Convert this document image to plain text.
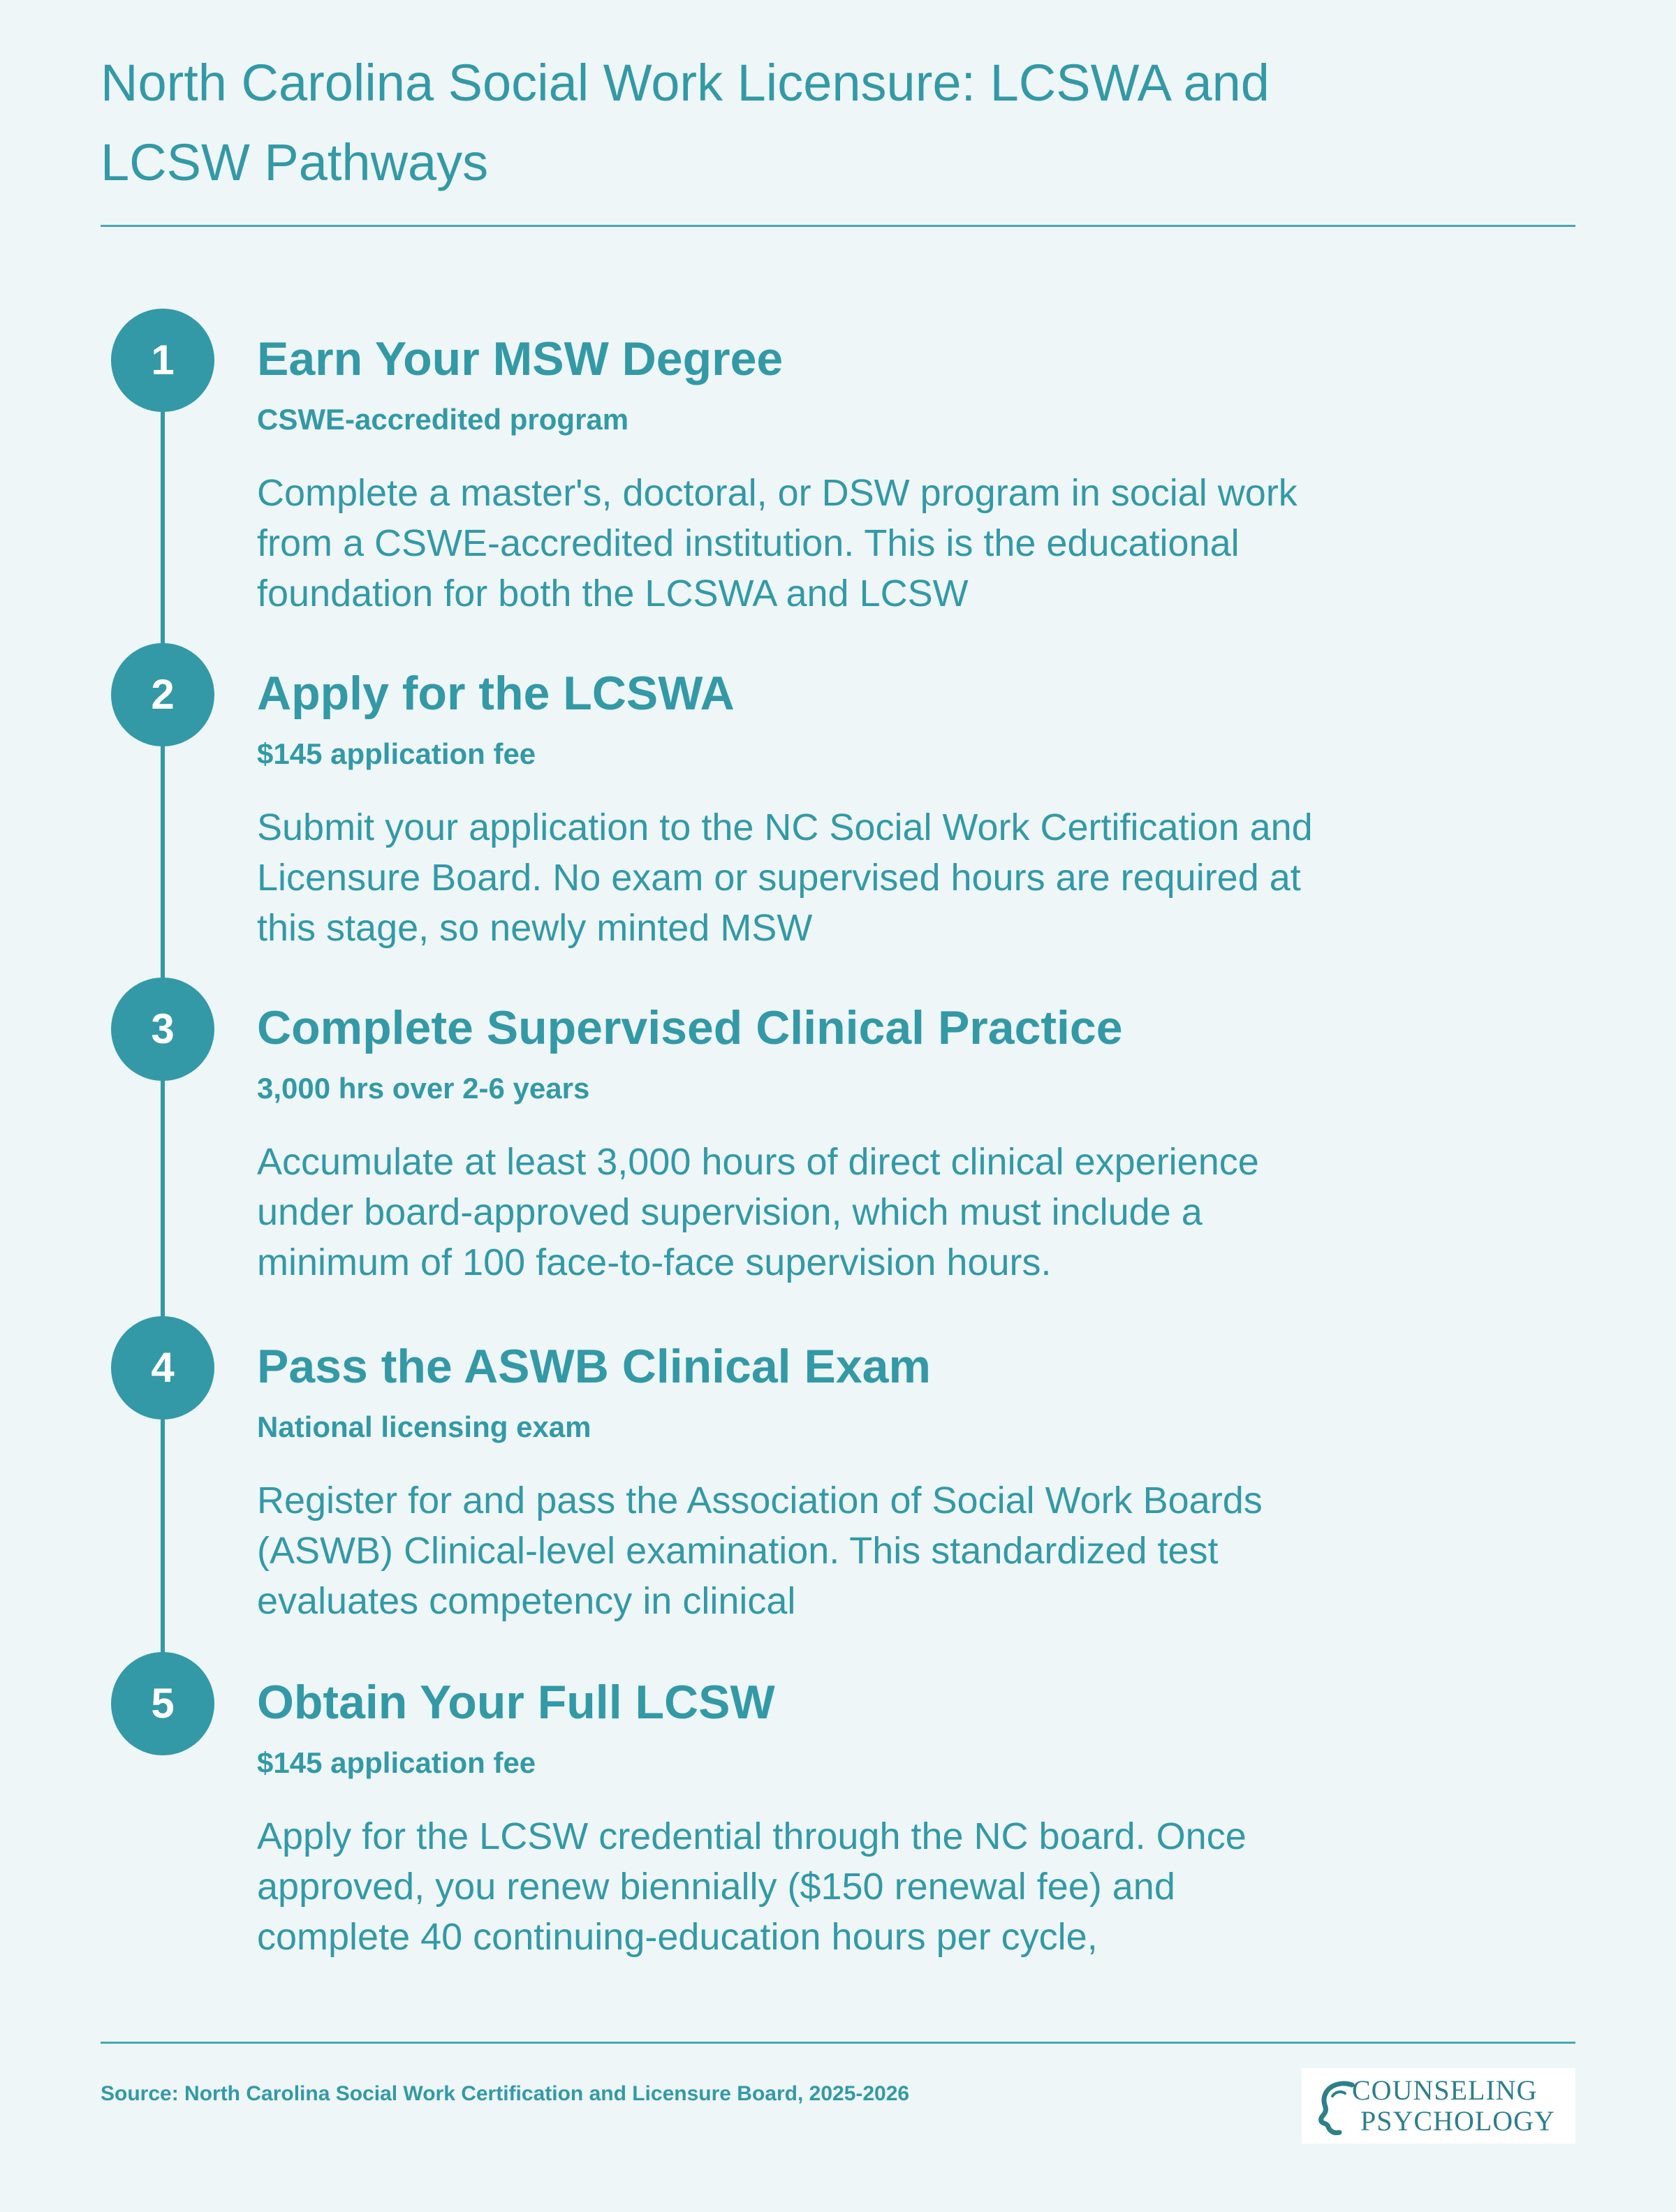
North Carolina Social Work Licensure: LCSWA and LCSW Pathways
1	Earn Your MSW Degree
CSWE-accredited program
Complete a master's, doctoral, or DSW program in social work from a CSWE-accredited institution. This is the educational foundation for both the LCSWA and LCSW
2	Apply for the LCSWA
$145 application fee
Submit your application to the NC Social Work Certification and Licensure Board. No exam or supervised hours are required at this stage, so newly minted MSW
3	Complete Supervised Clinical Practice
3,000 hrs over 2-6 years
Accumulate at least 3,000 hours of direct clinical experience under board-approved supervision, which must include a minimum of 100 face-to-face supervision hours.
4	Pass the ASWB Clinical Exam
National licensing exam
Register for and pass the Association of Social Work Boards (ASWB) Clinical-level examination. This standardized test evaluates competency in clinical
5	Obtain Your Full LCSW
$145 application fee
Apply for the LCSW credential through the NC board. Once approved, you renew biennially ($150 renewal fee) and complete 40 continuing-education hours per cycle,
Source: North Carolina Social Work Certification and Licensure Board, 2025-2026	COUNSELING
PSYCHOLOGY
